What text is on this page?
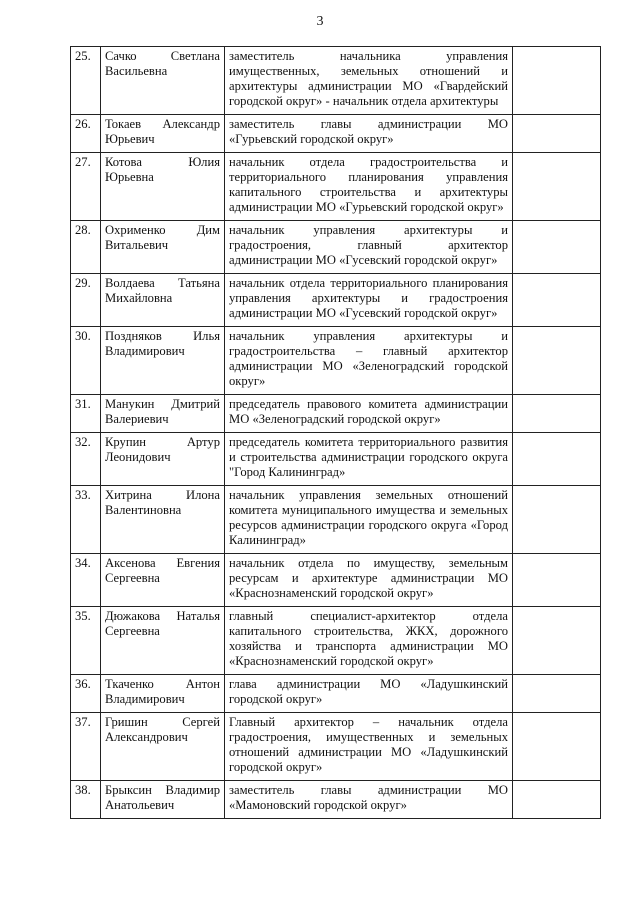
3
25.	Сачко Светлана Васильевна	заместитель начальника управления имущественных, земельных отношений и архитектуры администрации МО «Гвардейский городской округ» - начальник отдела архитектуры	
26.	Токаев Александр Юрьевич	заместитель главы администрации МО «Гурьевский городской округ»	
27.	Котова Юлия Юрьевна	начальник отдела градостроительства и территориального планирования управления капитального строительства и архитектуры администрации МО «Гурьевский городской округ»	
28.	Охрименко Дим Витальевич	начальник управления архитектуры и градостроения, главный архитектор администрации МО «Гусевский городской округ»	
29.	Волдаева Татьяна Михайловна	начальник отдела территориального планирования управления архитектуры и градостроения администрации МО «Гусевский городской округ»	
30.	Поздняков Илья Владимирович	начальник управления архитектуры и градостроительства – главный архитектор администрации МО «Зеленоградский городской округ»	
31.	Манукин Дмитрий Валериевич	председатель правового комитета администрации МО «Зеленоградский городской округ»	
32.	Крупин Артур Леонидович	председатель комитета территориального развития и строительства администрации городского округа "Город Калининград»	
33.	Хитрина Илона Валентиновна	начальник управления земельных отношений комитета муниципального имущества и земельных ресурсов администрации городского округа «Город Калининград»	
34.	Аксенова Евгения Сергеевна	начальник отдела по имуществу, земельным ресурсам и архитектуре администрации МО «Краснознаменский городской округ»	
35.	Дюжакова Наталья Сергеевна	главный специалист-архитектор отдела капитального строительства, ЖКХ, дорожного хозяйства и транспорта администрации МО «Краснознаменский городской округ»	
36.	Ткаченко Антон Владимирович	глава администрации МО «Ладушкинский городской округ»	
37.	Гришин Сергей Александрович	Главный архитектор – начальник отдела градостроения, имущественных и земельных отношений администрации МО «Ладушкинский городской округ»	
38.	Брыксин Владимир Анатольевич	заместитель главы администрации МО «Мамоновский городской округ»	
